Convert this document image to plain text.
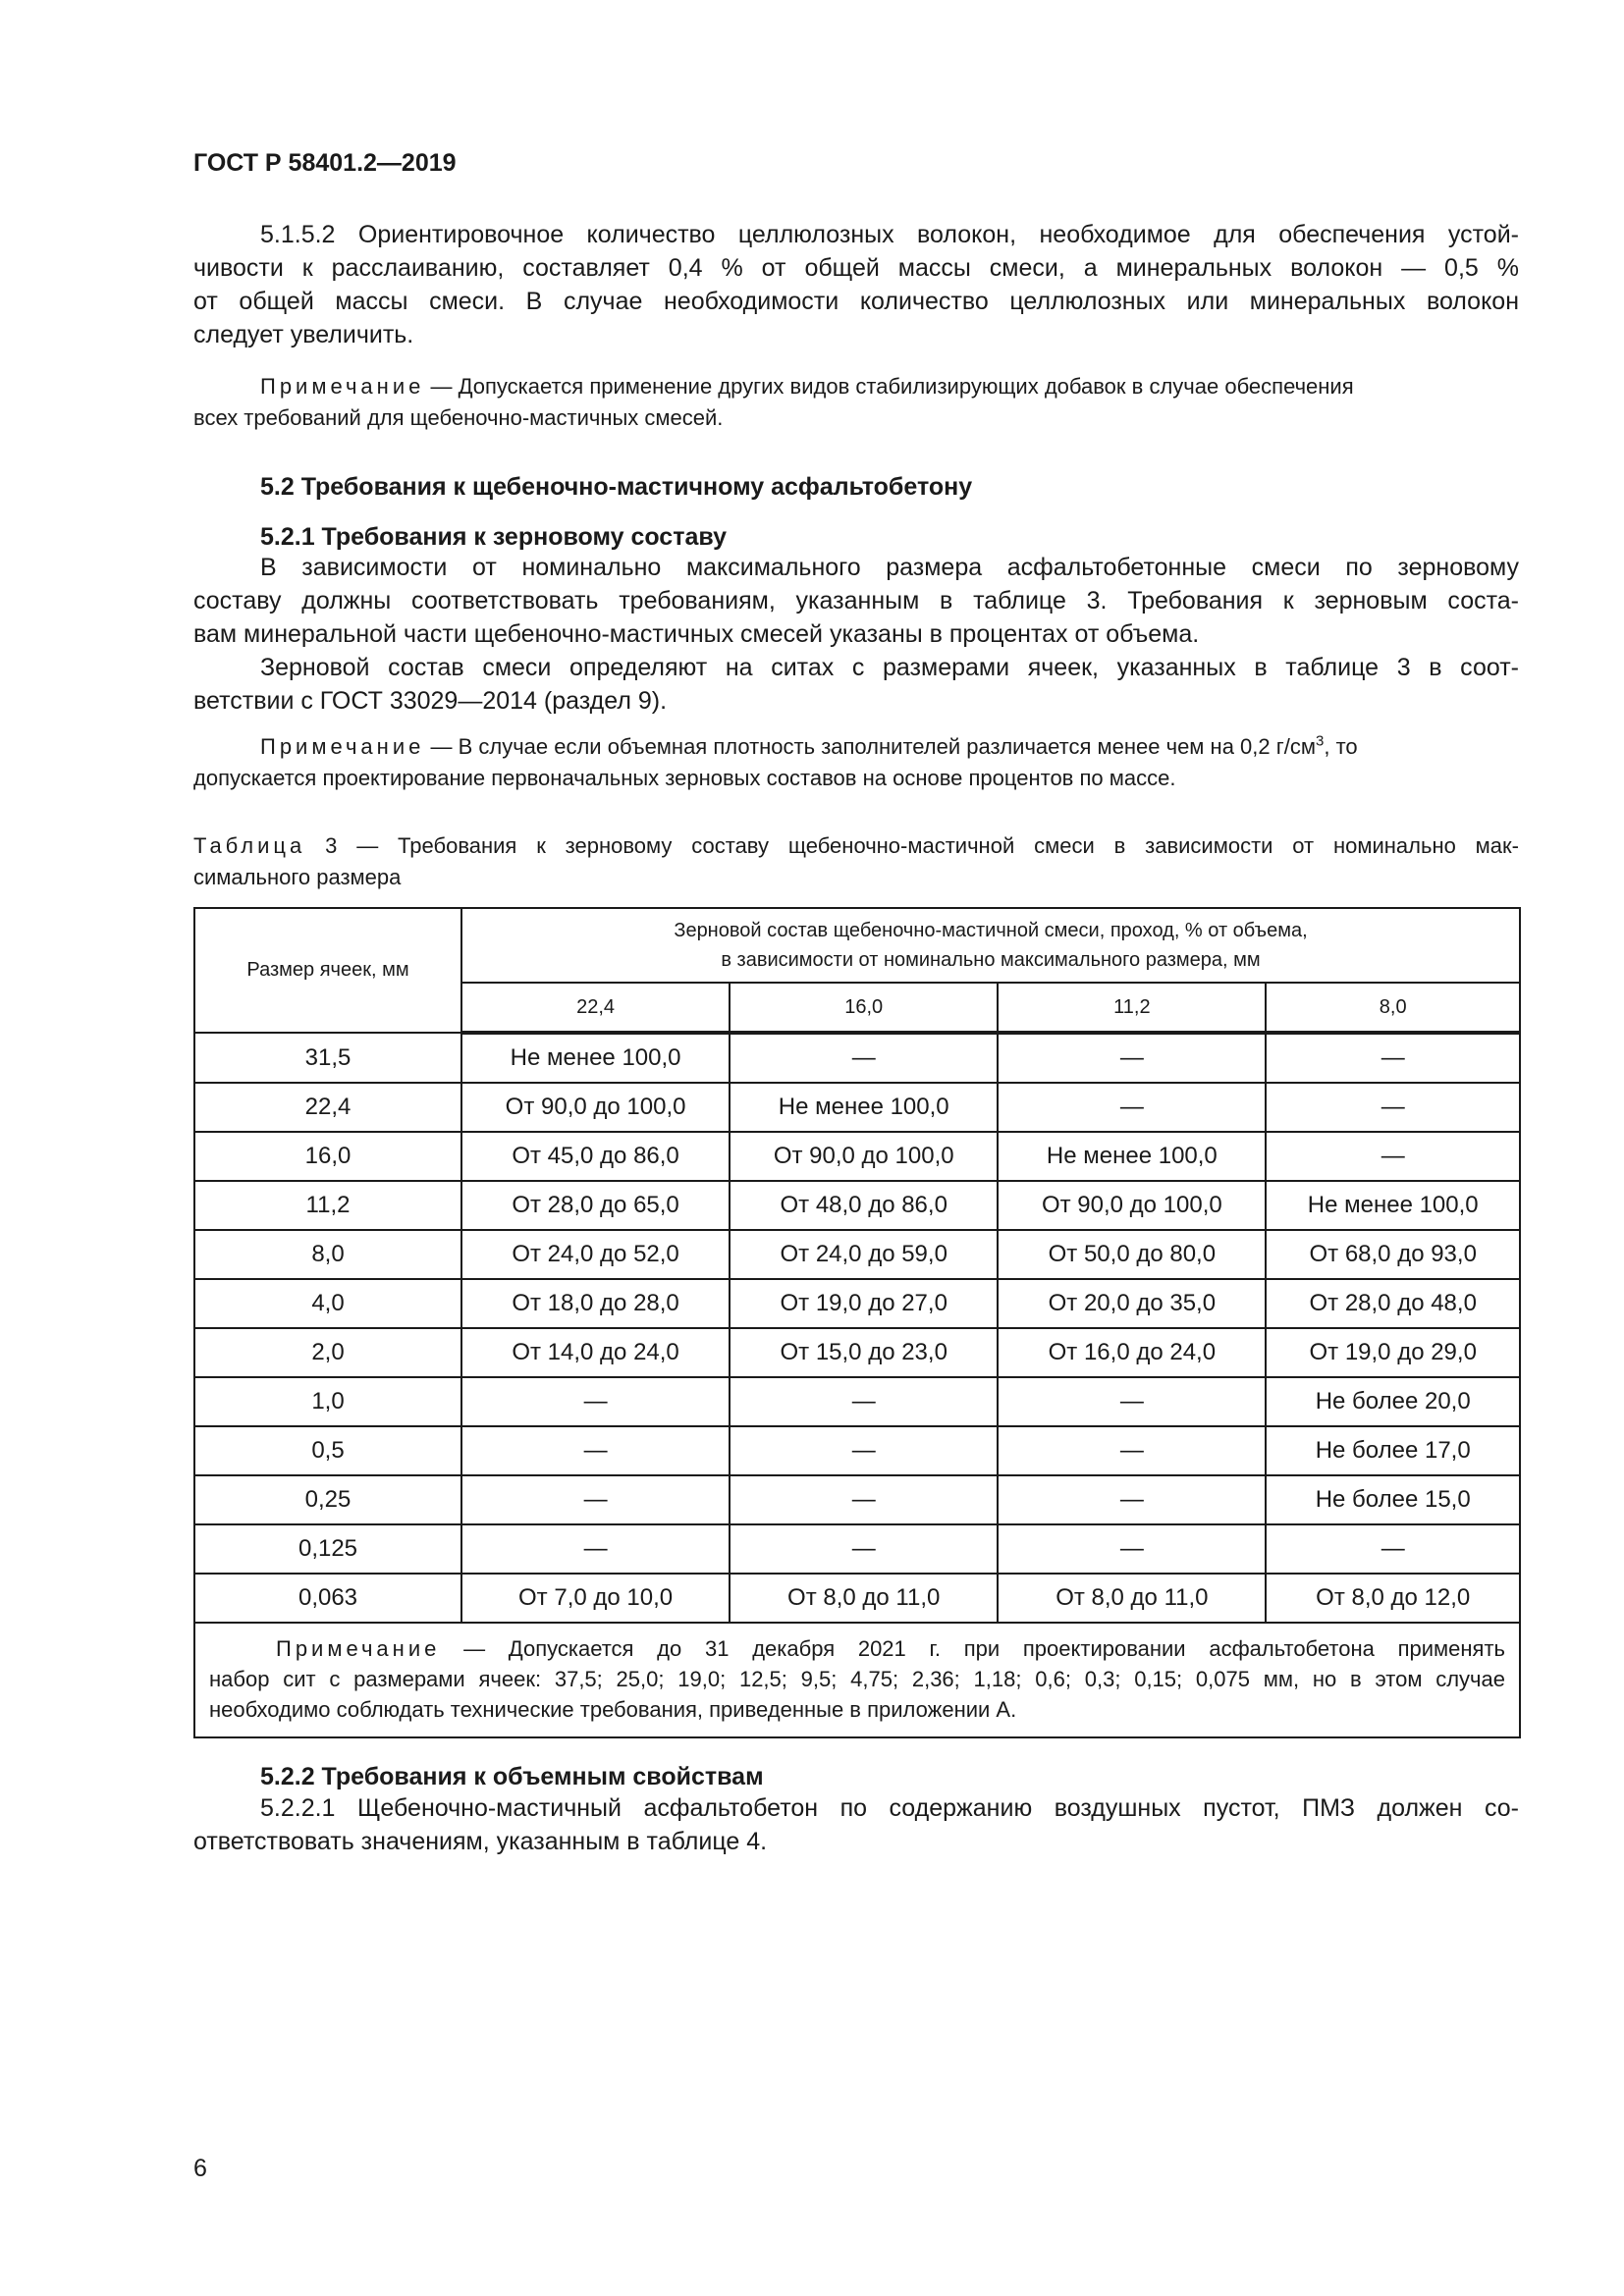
ГОСТ Р 58401.2—2019
5.1.5.2 Ориентировочное количество целлюлозных волокон, необходимое для обеспечения устой-
чивости к расслаиванию, составляет 0,4 % от общей массы смеси, а минеральных волокон — 0,5 %
от общей массы смеси. В случае необходимости количество целлюлозных или минеральных волокон
следует увеличить.
Примечание — Допускается применение других видов стабилизирующих добавок в случае обеспечения
всех требований для щебеночно-мастичных смесей.
5.2 Требования к щебеночно-мастичному асфальтобетону
5.2.1 Требования к зерновому составу
В зависимости от номинально максимального размера асфальтобетонные смеси по зерновому
составу должны соответствовать требованиям, указанным в таблице 3. Требования к зерновым соста-
вам минеральной части щебеночно-мастичных смесей указаны в процентах от объема.
Зерновой состав смеси определяют на ситах с размерами ячеек, указанных в таблице 3 в соот-
ветствии с ГОСТ 33029—2014 (раздел 9).
Примечание — В случае если объемная плотность заполнителей различается менее чем на 0,2 $г/см^3$, то
допускается проектирование первоначальных зерновых составов на основе процентов по массе.
Таблица 3 — Требования к зерновому составу щебеночно-мастичной смеси в зависимости от номинально мак-
симального размера
Размер ячеек, мм	Зерновой состав щебеночно-мастичной смеси, проход, % от объема,
в зависимости от номинально максимального размера, мм			

	22,4	16,0	11,2	8,0
31,5	Не менее 100,0	—	—	—
22,4	От 90,0 до 100,0	Не менее 100,0	—	—
16,0	От 45,0 до 86,0	От 90,0 до 100,0	Не менее 100,0	—
11,2	От 28,0 до 65,0	От 48,0 до 86,0	От 90,0 до 100,0	Не менее 100,0
8,0	От 24,0 до 52,0	От 24,0 до 59,0	От 50,0 до 80,0	От 68,0 до 93,0
4,0	От 18,0 до 28,0	От 19,0 до 27,0	От 20,0 до 35,0	От 28,0 до 48,0
2,0	От 14,0 до 24,0	От 15,0 до 23,0	От 16,0 до 24,0	От 19,0 до 29,0
1,0	—	—	—	Не более 20,0
0,5	—	—	—	Не более 17,0
0,25	—	—	—	Не более 15,0
0,125	—	—	—	—
0,063	От 7,0 до 10,0	От 8,0 до 11,0	От 8,0 до 11,0	От 8,0 до 12,0

Примечание — Допускается до 31 декабря 2021 г. при проектировании асфальтобетона применять
набор сит с размерами ячеек: 37,5; 25,0; 19,0; 12,5; 9,5; 4,75; 2,36; 1,18; 0,6; 0,3; 0,15; 0,075 мм, но в этом случае
необходимо соблюдать технические требования, приведенные в приложении А.				
5.2.2 Требования к объемным свойствам
5.2.2.1 Щебеночно-мастичный асфальтобетон по содержанию воздушных пустот, ПМЗ должен со-
ответствовать значениям, указанным в таблице 4.
6
